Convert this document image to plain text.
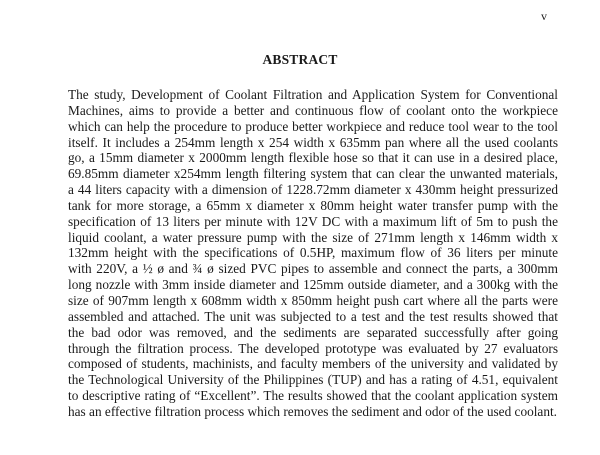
v
ABSTRACT
The study, Development of Coolant Filtration and Application System for Conventional
Machines, aims to provide a better and continuous flow of coolant onto the workpiece
which can help the procedure to produce better workpiece and reduce tool wear to the tool
itself. It includes a 254mm length x 254 width x 635mm pan where all the used coolants
go, a 15mm diameter x 2000mm length flexible hose so that it can use in a desired place,
69.85mm diameter x254mm length filtering system that can clear the unwanted materials,
a 44 liters capacity with a dimension of 1228.72mm diameter x 430mm height pressurized
tank for more storage, a 65mm x diameter x 80mm height water transfer pump with the
specification of 13 liters per minute with 12V DC with a maximum lift of 5m to push the
liquid coolant, a water pressure pump with the size of 271mm length x 146mm width x
132mm height with the specifications of 0.5HP, maximum flow of 36 liters per minute
with 220V, a ½ ø and ¾ ø sized PVC pipes to assemble and connect the parts, a 300mm
long nozzle with 3mm inside diameter and 125mm outside diameter, and a 300kg with the
size of 907mm length x 608mm width x 850mm height push cart where all the parts were
assembled and attached. The unit was subjected to a test and the test results showed that
the bad odor was removed, and the sediments are separated successfully after going
through the filtration process. The developed prototype was evaluated by 27 evaluators
composed of students, machinists, and faculty members of the university and validated by
the Technological University of the Philippines (TUP) and has a rating of 4.51, equivalent
to descriptive rating of “Excellent”. The results showed that the coolant application system
has an effective filtration process which removes the sediment and odor of the used coolant.
